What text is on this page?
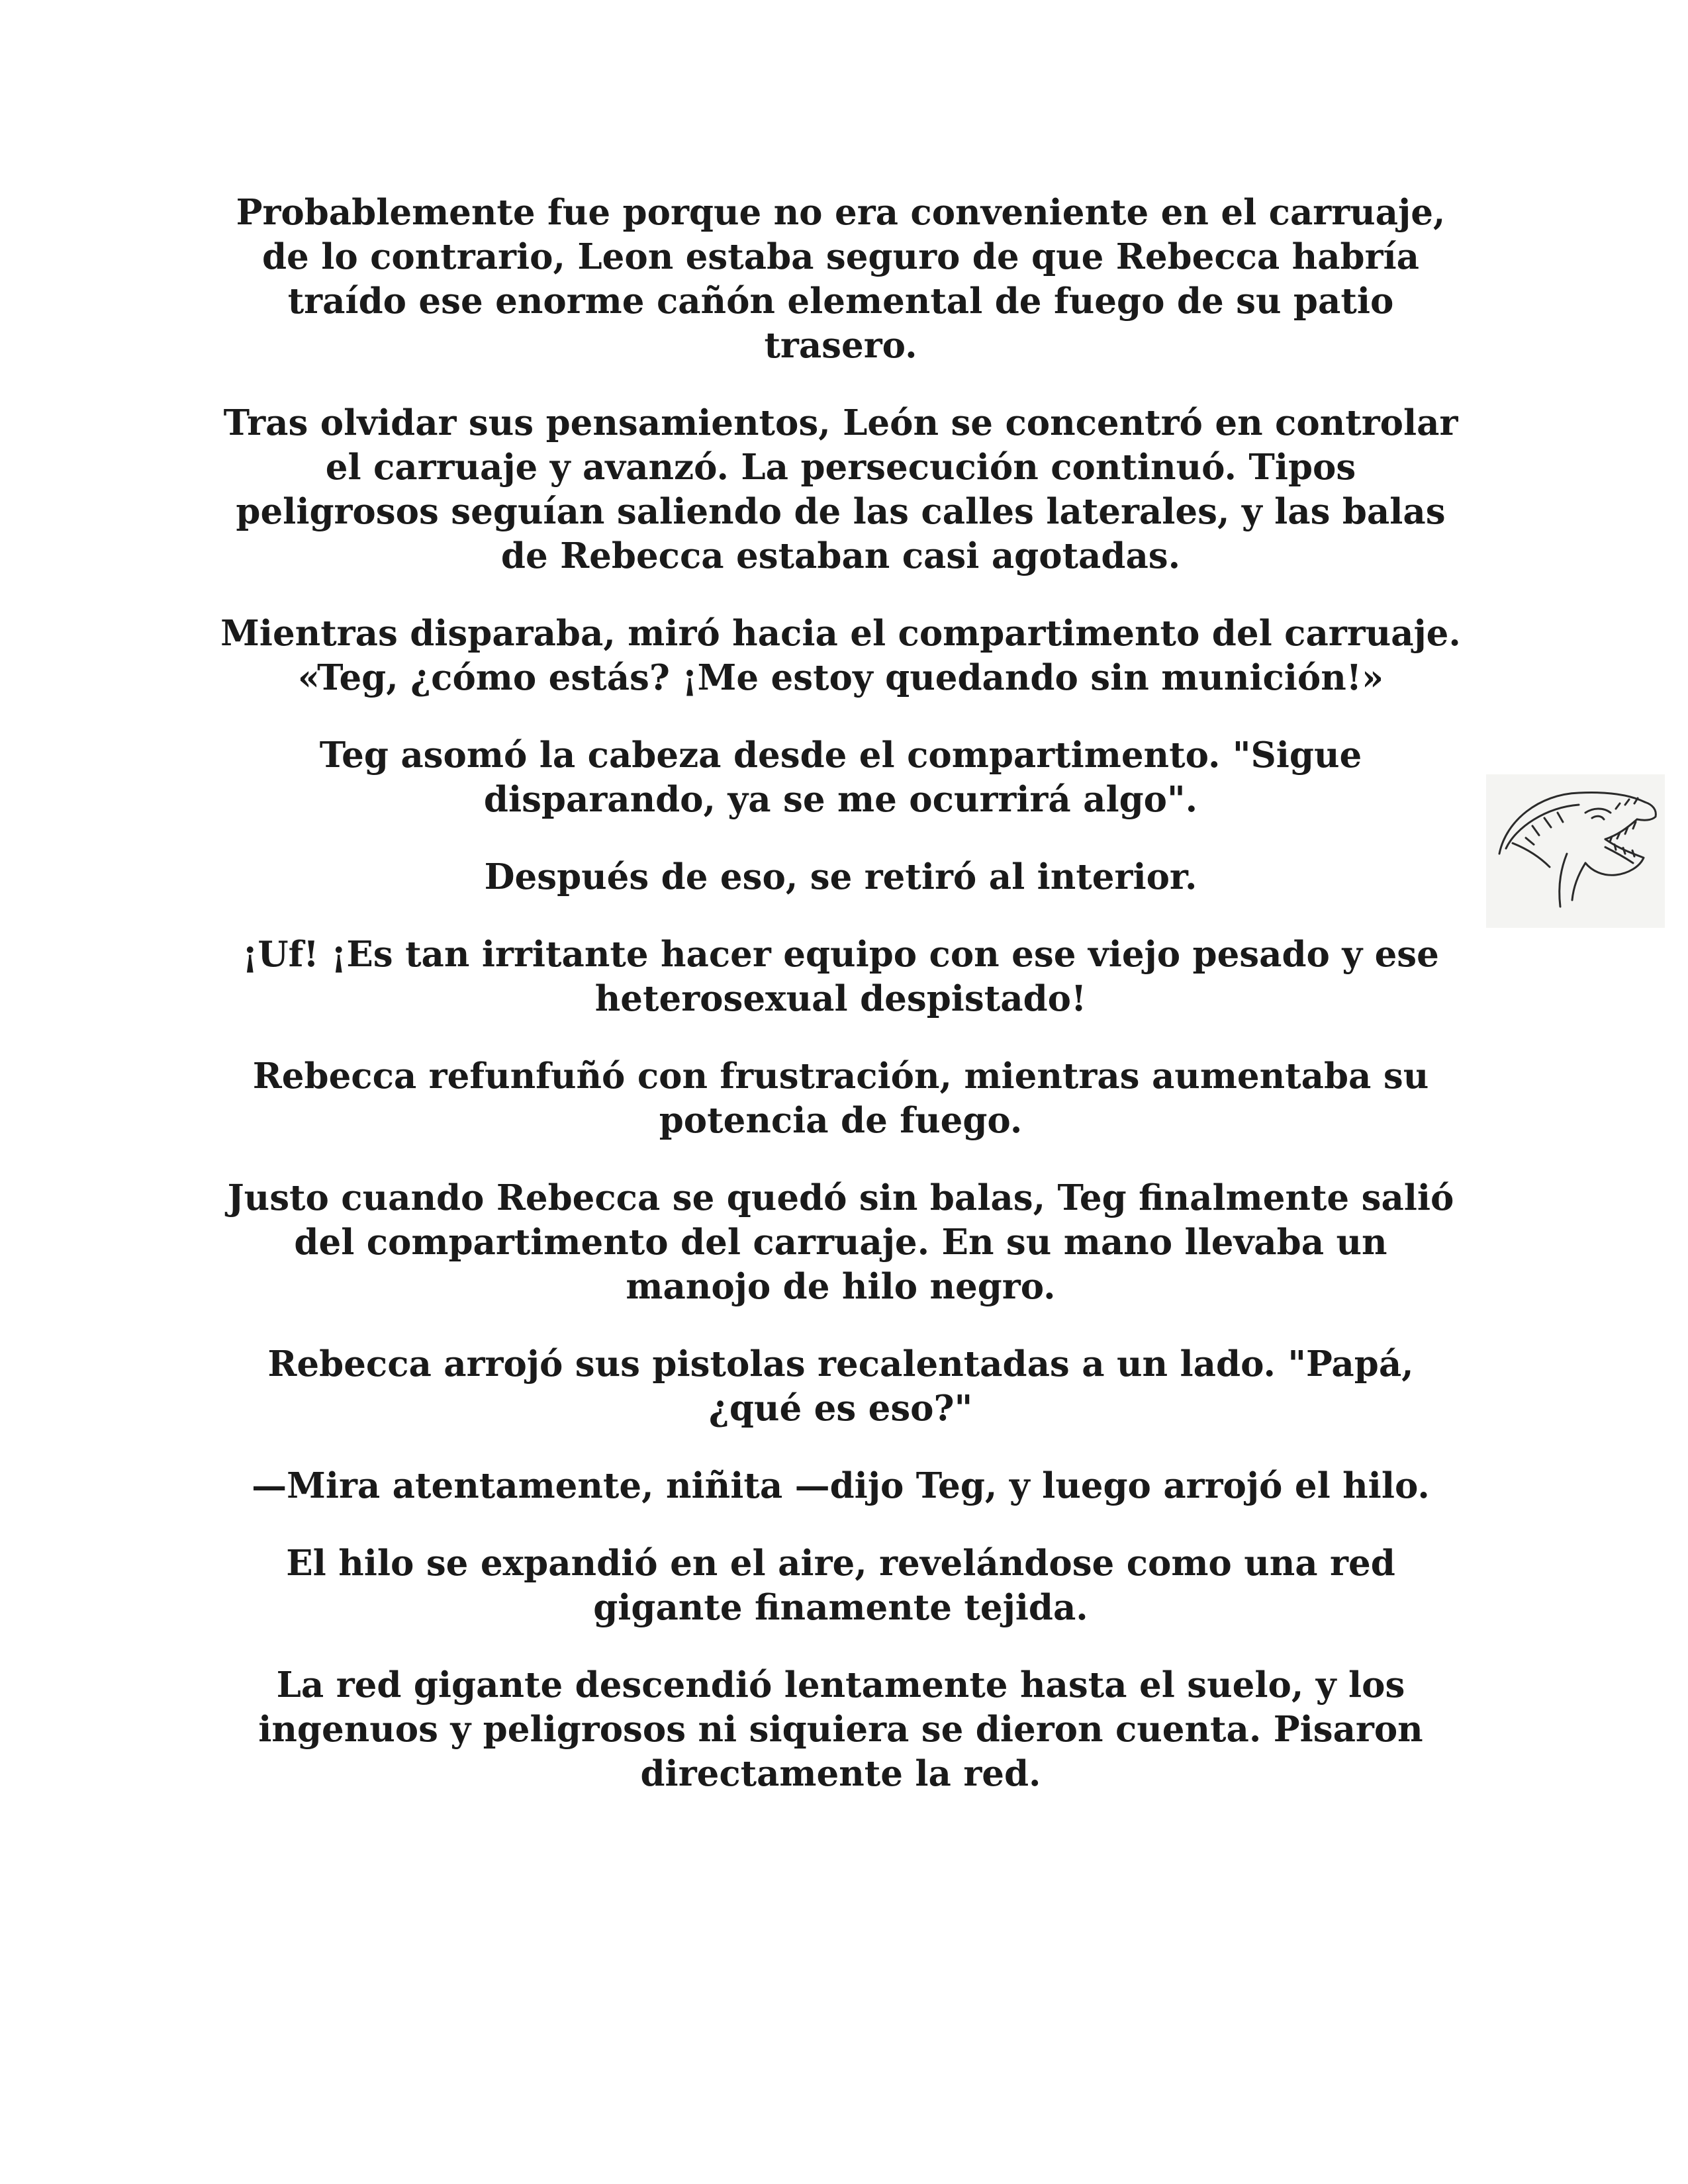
Probablemente fue porque no era conveniente en el carruaje, de lo contrario, Leon estaba seguro de que Rebecca habría traído ese enorme cañón elemental de fuego de su patio trasero.

Tras olvidar sus pensamientos, León se concentró en controlar el carruaje y avanzó. La persecución continuó. Tipos peligrosos seguían saliendo de las calles laterales, y las balas de Rebecca estaban casi agotadas.

Mientras disparaba, miró hacia el compartimento del carruaje. «Teg, ¿cómo estás? ¡Me estoy quedando sin munición!»

Teg asomó la cabeza desde el compartimento. "Sigue disparando, ya se me ocurrirá algo".

Después de eso, se retiró al interior.

¡Uf! ¡Es tan irritante hacer equipo con ese viejo pesado y ese heterosexual despistado!

Rebecca refunfuñó con frustración, mientras aumentaba su potencia de fuego.

Justo cuando Rebecca se quedó sin balas, Teg finalmente salió del compartimento del carruaje. En su mano llevaba un manojo de hilo negro.

Rebecca arrojó sus pistolas recalentadas a un lado. "Papá, ¿qué es eso?"

—Mira atentamente, niñita —dijo Teg, y luego arrojó el hilo.

El hilo se expandió en el aire, revelándose como una red gigante finamente tejida.

La red gigante descendió lentamente hasta el suelo, y los ingenuos y peligrosos ni siquiera se dieron cuenta. Pisaron directamente la red.
